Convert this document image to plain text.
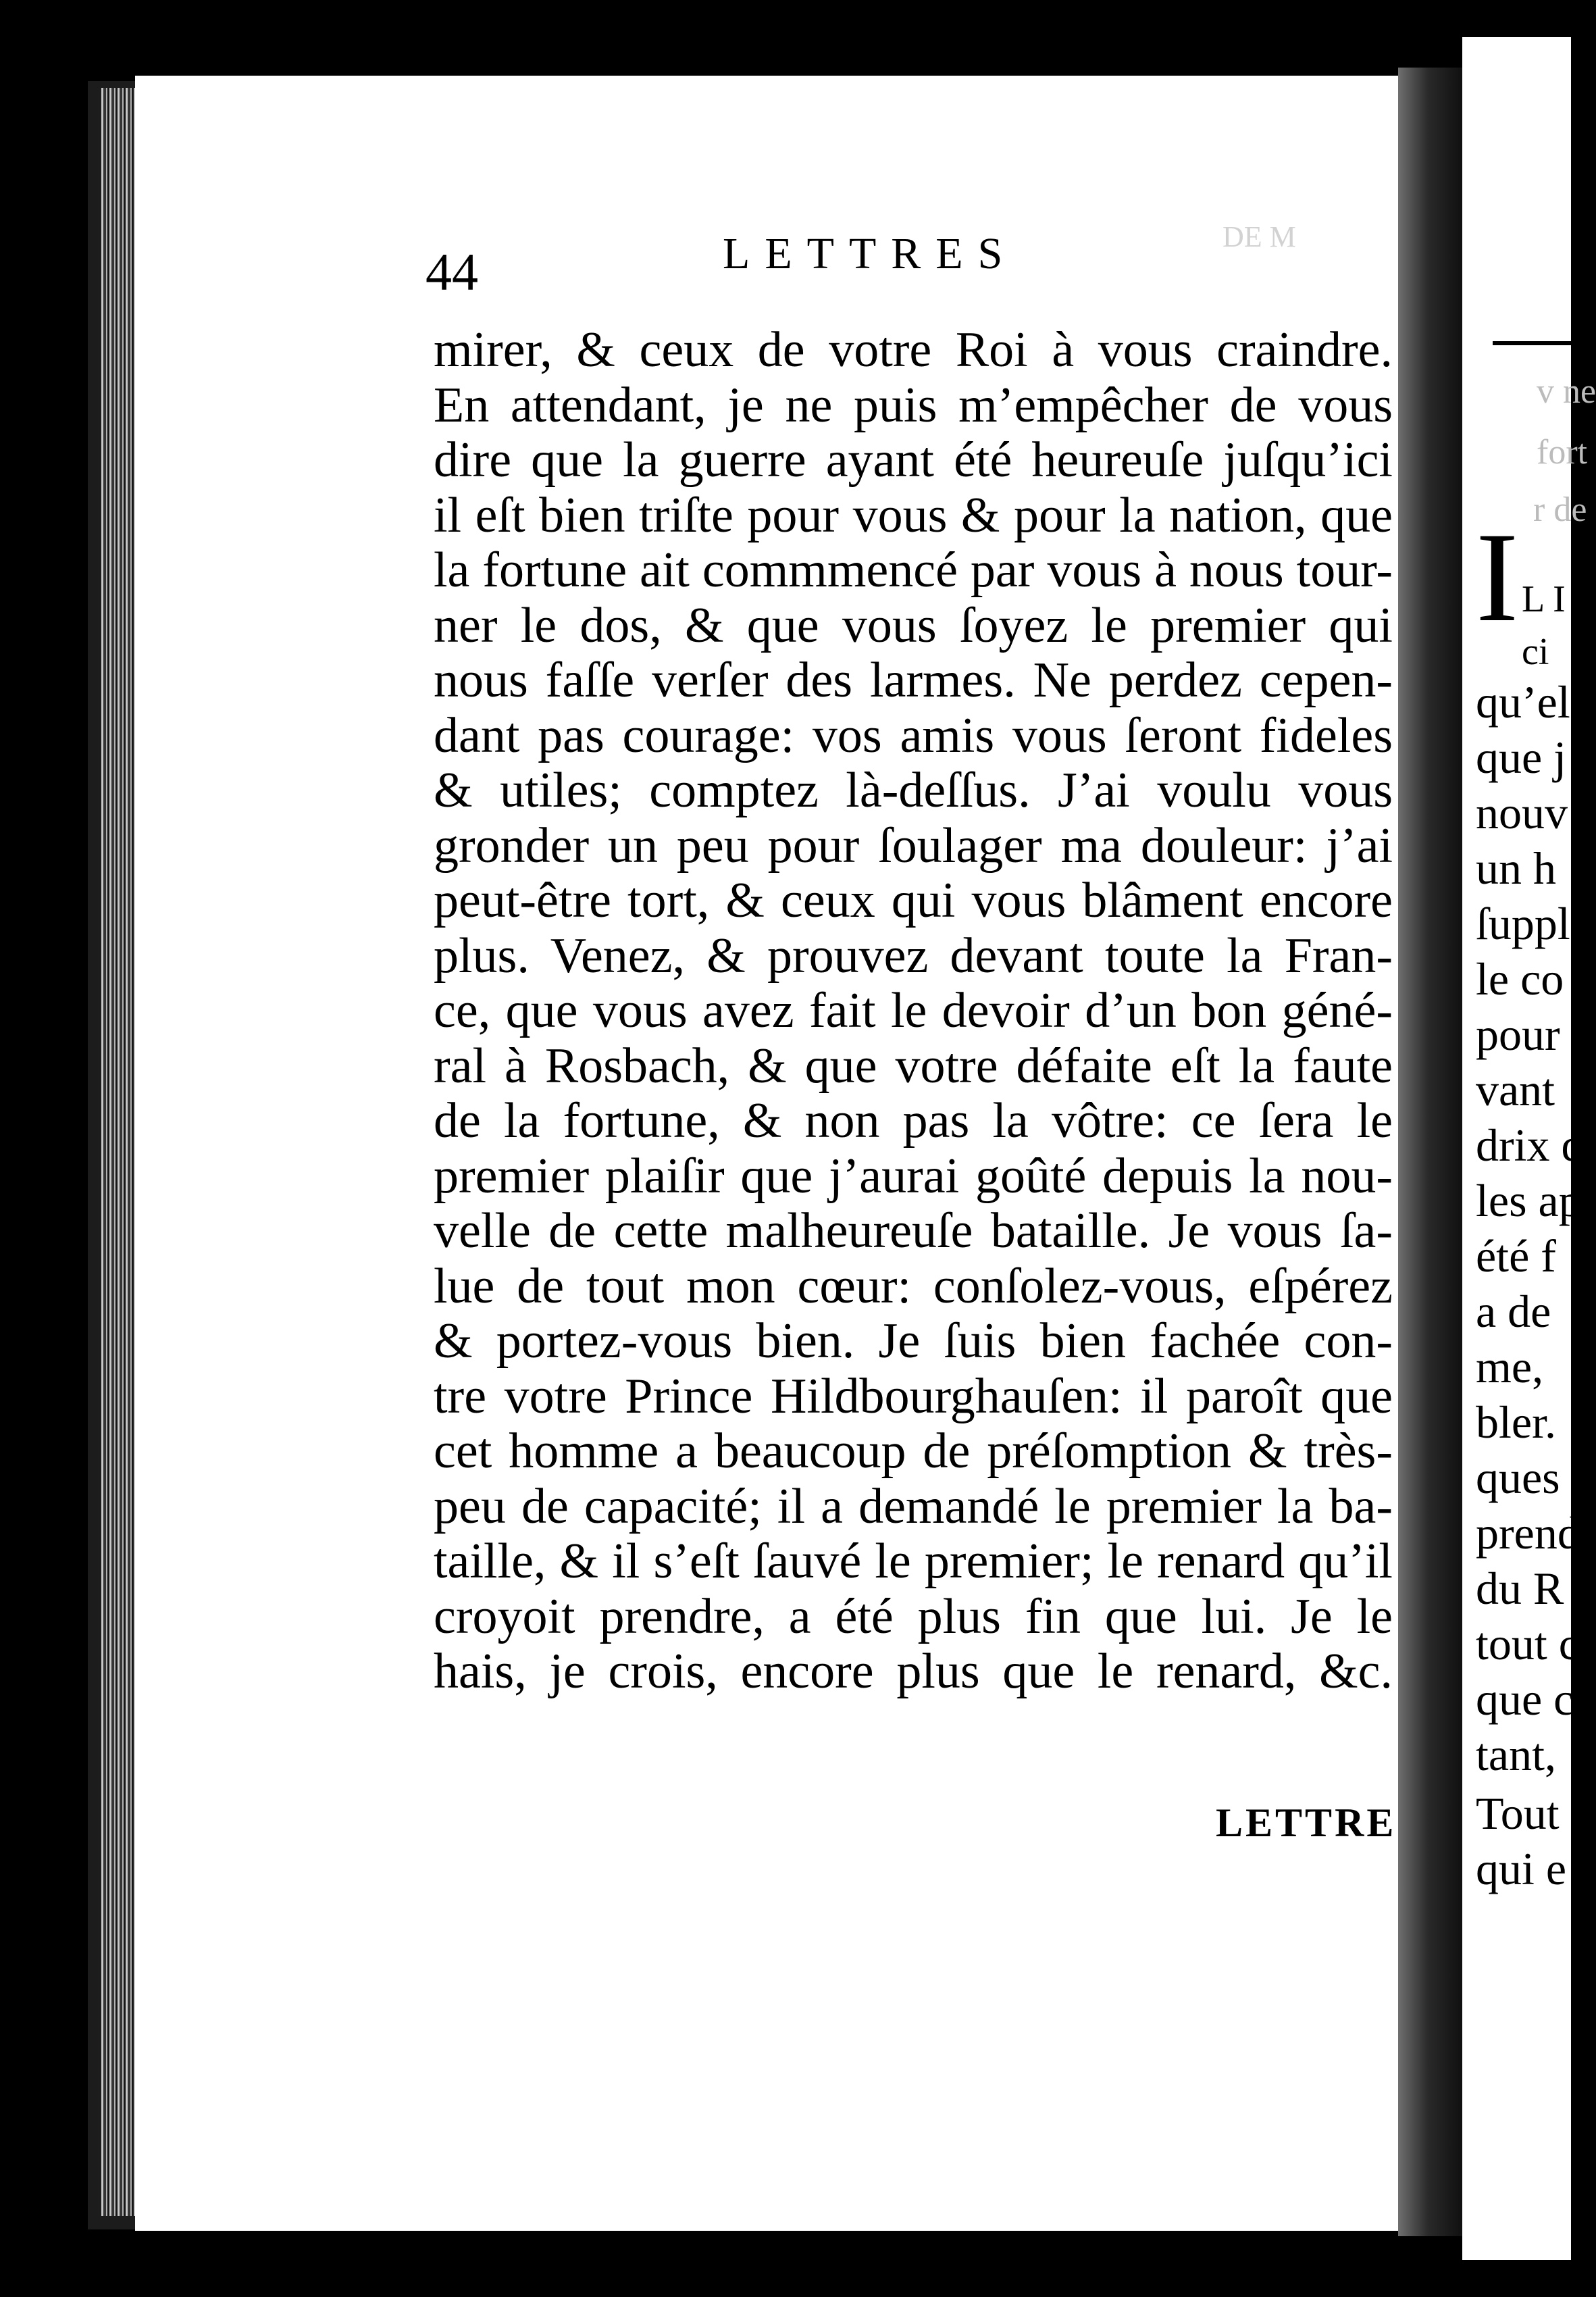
DE M
44	LETTRES
mirer, & ceux de votre Roi à vous craindre.
En attendant, je ne puis m’empêcher de vous
dire que la guerre ayant été heureuſe juſqu’ici
il eſt bien triſte pour vous & pour la nation, que
la fortune ait commmencé par vous à nous tour-
ner le dos, & que vous ſoyez le premier qui
nous faſſe verſer des larmes. Ne perdez cepen-
dant pas courage: vos amis vous ſeront fideles
& utiles; comptez là-deſſus. J’ai voulu vous
gronder un peu pour ſoulager ma douleur: j’ai
peut-être tort, & ceux qui vous blâment encore
plus. Venez, & prouvez devant toute la Fran-
ce, que vous avez fait le devoir d’un bon géné-
ral à Rosbach, & que votre défaite eſt la faute
de la fortune, & non pas la vôtre: ce ſera le
premier plaiſir que j’aurai goûté depuis la nou-
velle de cette malheureuſe bataille. Je vous ſa-
lue de tout mon cœur: conſolez-vous, eſpérez
& portez-vous bien. Je ſuis bien fachée con-
tre votre Prince Hildbourghauſen: il paroît que
cet homme a beaucoup de préſomption & très-
peu de capacité; il a demandé le premier la ba-
taille, & il s’eſt ſauvé le premier; le renard qu’il
croyoit prendre, a été plus fin que lui. Je le
hais, je crois, encore plus que le renard, &c.
LETTRE
I
v ne
fort
r de
L I
ci
qu’el
que j
nouv
un h
ſuppl
le co
pour
vant
drix d
les ap
été f
a de
me,
bler.
ques
prend
du R
tout c
que c
tant,
Tout
qui e
